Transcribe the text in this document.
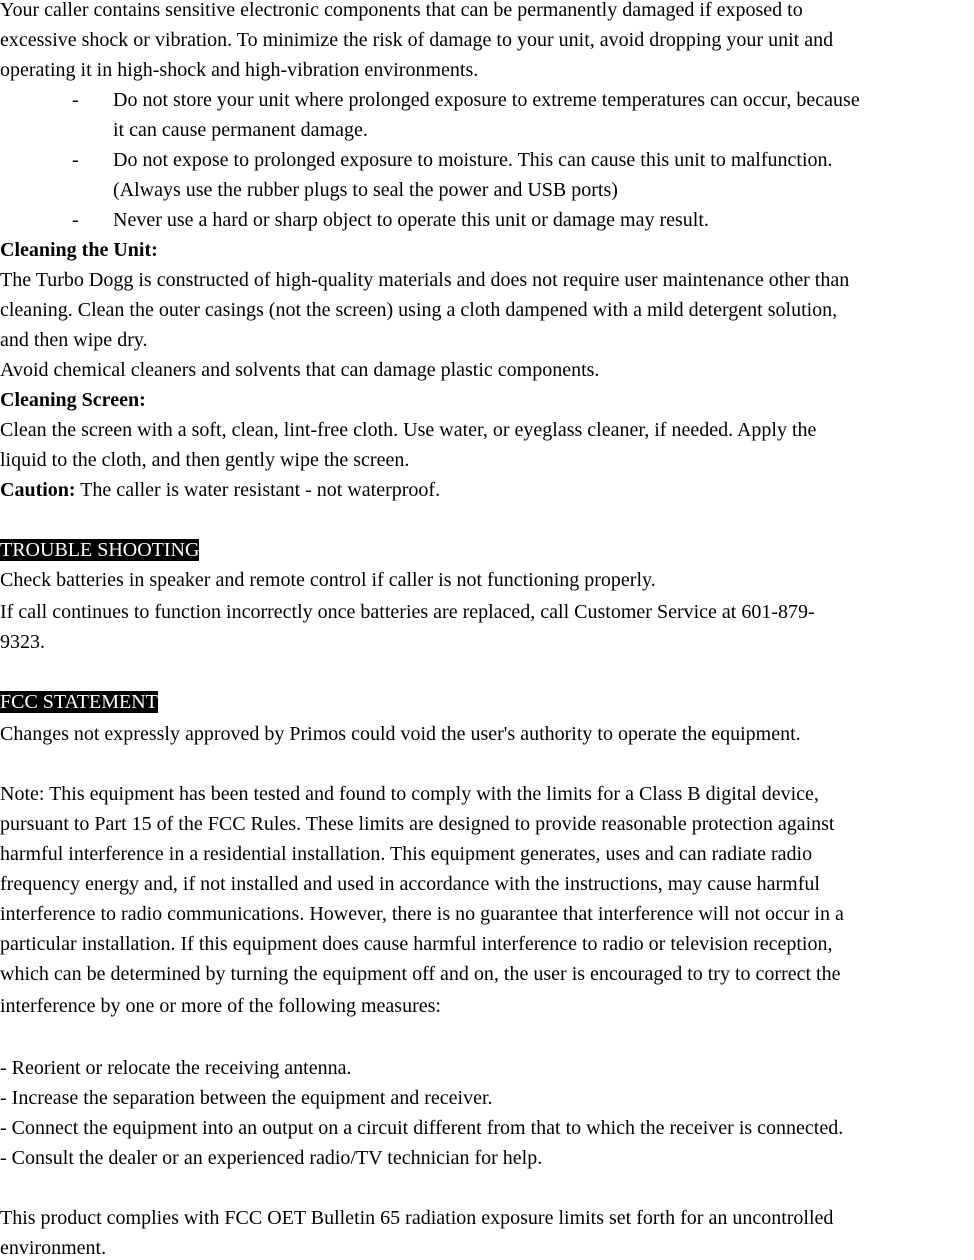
Your caller contains sensitive electronic components that can be permanently damaged if exposed to
excessive shock or vibration. To minimize the risk of damage to your unit, avoid dropping your unit and
operating it in high-shock and high-vibration environments.
- Do not store your unit where prolonged exposure to extreme temperatures can occur, because
it can cause permanent damage.
- Do not expose to prolonged exposure to moisture. This can cause this unit to malfunction.
(Always use the rubber plugs to seal the power and USB ports)
- Never use a hard or sharp object to operate this unit or damage may result.
Cleaning the Unit:
The Turbo Dogg is constructed of high-quality materials and does not require user maintenance other than
cleaning. Clean the outer casings (not the screen) using a cloth dampened with a mild detergent solution,
and then wipe dry.
Avoid chemical cleaners and solvents that can damage plastic components.
Cleaning Screen:
Clean the screen with a soft, clean, lint-free cloth. Use water, or eyeglass cleaner, if needed. Apply the
liquid to the cloth, and then gently wipe the screen.
Caution: The caller is water resistant - not waterproof.
TROUBLE SHOOTING
Check batteries in speaker and remote control if caller is not functioning properly.
If call continues to function incorrectly once batteries are replaced, call Customer Service at 601-879-
9323.
FCC STATEMENT
Changes not expressly approved by Primos could void the user's authority to operate the equipment.
Note: This equipment has been tested and found to comply with the limits for a Class B digital device,
pursuant to Part 15 of the FCC Rules. These limits are designed to provide reasonable protection against
harmful interference in a residential installation. This equipment generates, uses and can radiate radio
frequency energy and, if not installed and used in accordance with the instructions, may cause harmful
interference to radio communications. However, there is no guarantee that interference will not occur in a
particular installation. If this equipment does cause harmful interference to radio or television reception,
which can be determined by turning the equipment off and on, the user is encouraged to try to correct the
interference by one or more of the following measures:
- Reorient or relocate the receiving antenna.
- Increase the separation between the equipment and receiver.
- Connect the equipment into an output on a circuit different from that to which the receiver is connected.
- Consult the dealer or an experienced radio/TV technician for help.
This product complies with FCC OET Bulletin 65 radiation exposure limits set forth for an uncontrolled
environment.
